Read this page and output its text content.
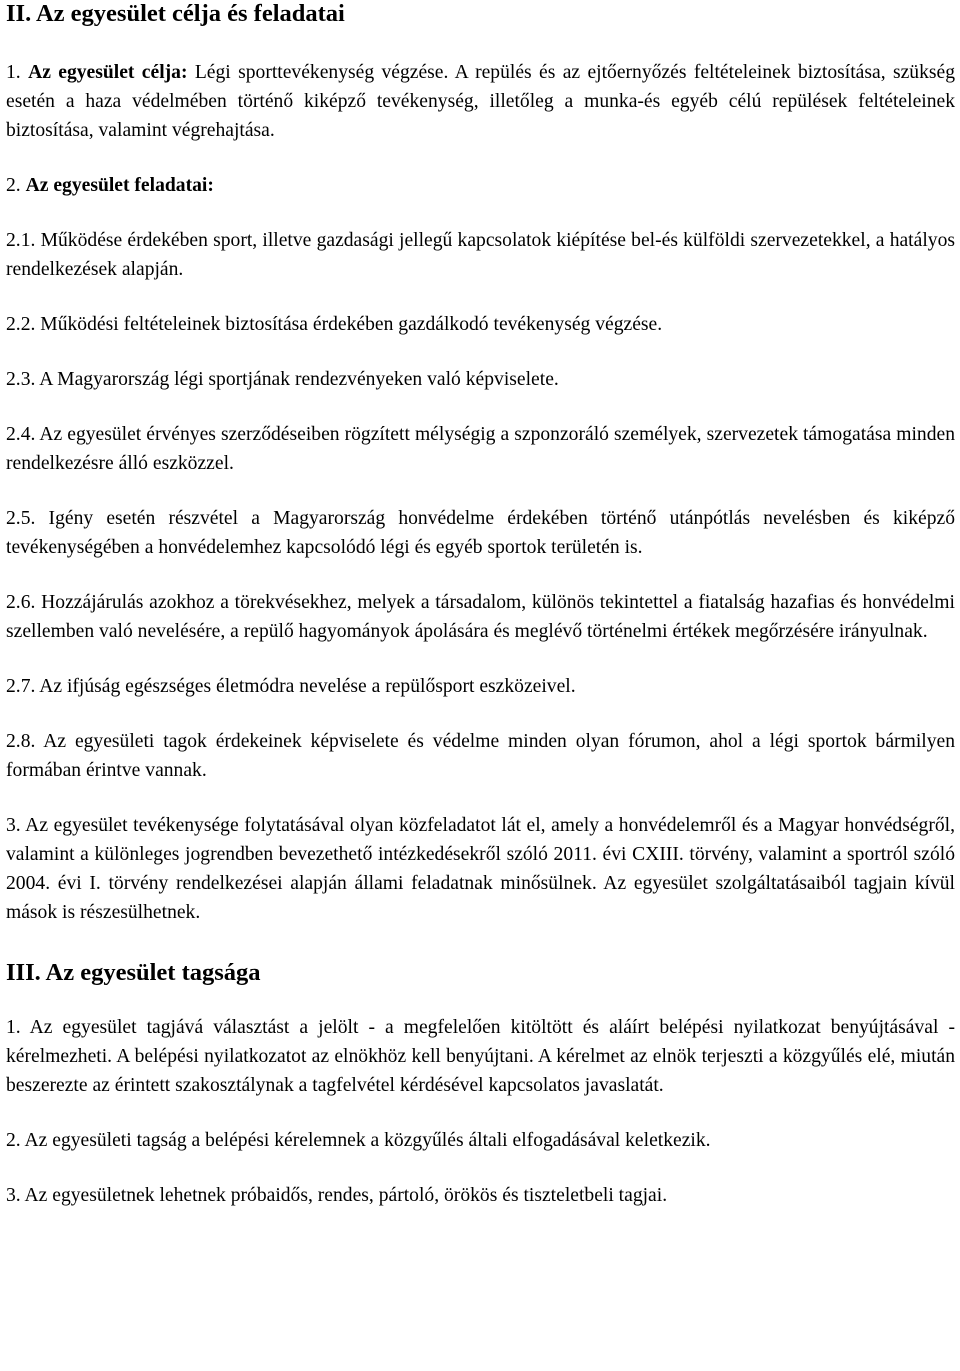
II. Az egyesület célja és feladatai

1. Az egyesület célja: Légi sporttevékenység végzése. A repülés és az ejtőernyőzés feltételeinek biztosítása, szükség esetén a haza védelmében történő kiképző tevékenység, illetőleg a munka-és egyéb célú repülések feltételeinek biztosítása, valamint végrehajtása.

2. Az egyesület feladatai:

2.1. Működése érdekében sport, illetve gazdasági jellegű kapcsolatok kiépítése bel-és külföldi szervezetekkel, a hatályos rendelkezések alapján.

2.2. Működési feltételeinek biztosítása érdekében gazdálkodó tevékenység végzése.

2.3. A Magyarország légi sportjának rendezvényeken való képviselete.

2.4. Az egyesület érvényes szerződéseiben rögzített mélységig a szponzoráló személyek, szervezetek támogatása minden rendelkezésre álló eszközzel.

2.5. Igény esetén részvétel a Magyarország honvédelme érdekében történő utánpótlás nevelésben és kiképző tevékenységében a honvédelemhez kapcsolódó légi és egyéb sportok területén is.

2.6. Hozzájárulás azokhoz a törekvésekhez, melyek a társadalom, különös tekintettel a fiatalság hazafias és honvédelmi szellemben való nevelésére, a repülő hagyományok ápolására és meglévő történelmi értékek megőrzésére irányulnak.

2.7. Az ifjúság egészséges életmódra nevelése a repülősport eszközeivel.

2.8. Az egyesületi tagok érdekeinek képviselete és védelme minden olyan fórumon, ahol a légi sportok bármilyen formában érintve vannak.

3. Az egyesület tevékenysége folytatásával olyan közfeladatot lát el, amely a honvédelemről és a Magyar honvédségről, valamint a különleges jogrendben bevezethető intézkedésekről szóló 2011. évi CXIII. törvény, valamint a sportról szóló 2004. évi I. törvény rendelkezései alapján állami feladatnak minősülnek. Az egyesület szolgáltatásaiból tagjain kívül mások is részesülhetnek.

III. Az egyesület tagsága

1. Az egyesület tagjává választást a jelölt - a megfelelően kitöltött és aláírt belépési nyilatkozat benyújtásával - kérelmezheti. A belépési nyilatkozatot az elnökhöz kell benyújtani. A kérelmet az elnök terjeszti a közgyűlés elé, miután beszerezte az érintett szakosztálynak a tagfelvétel kérdésével kapcsolatos javaslatát.

2. Az egyesületi tagság a belépési kérelemnek a közgyűlés általi elfogadásával keletkezik.

3. Az egyesületnek lehetnek próbaidős, rendes, pártoló, örökös és tiszteletbeli tagjai.
